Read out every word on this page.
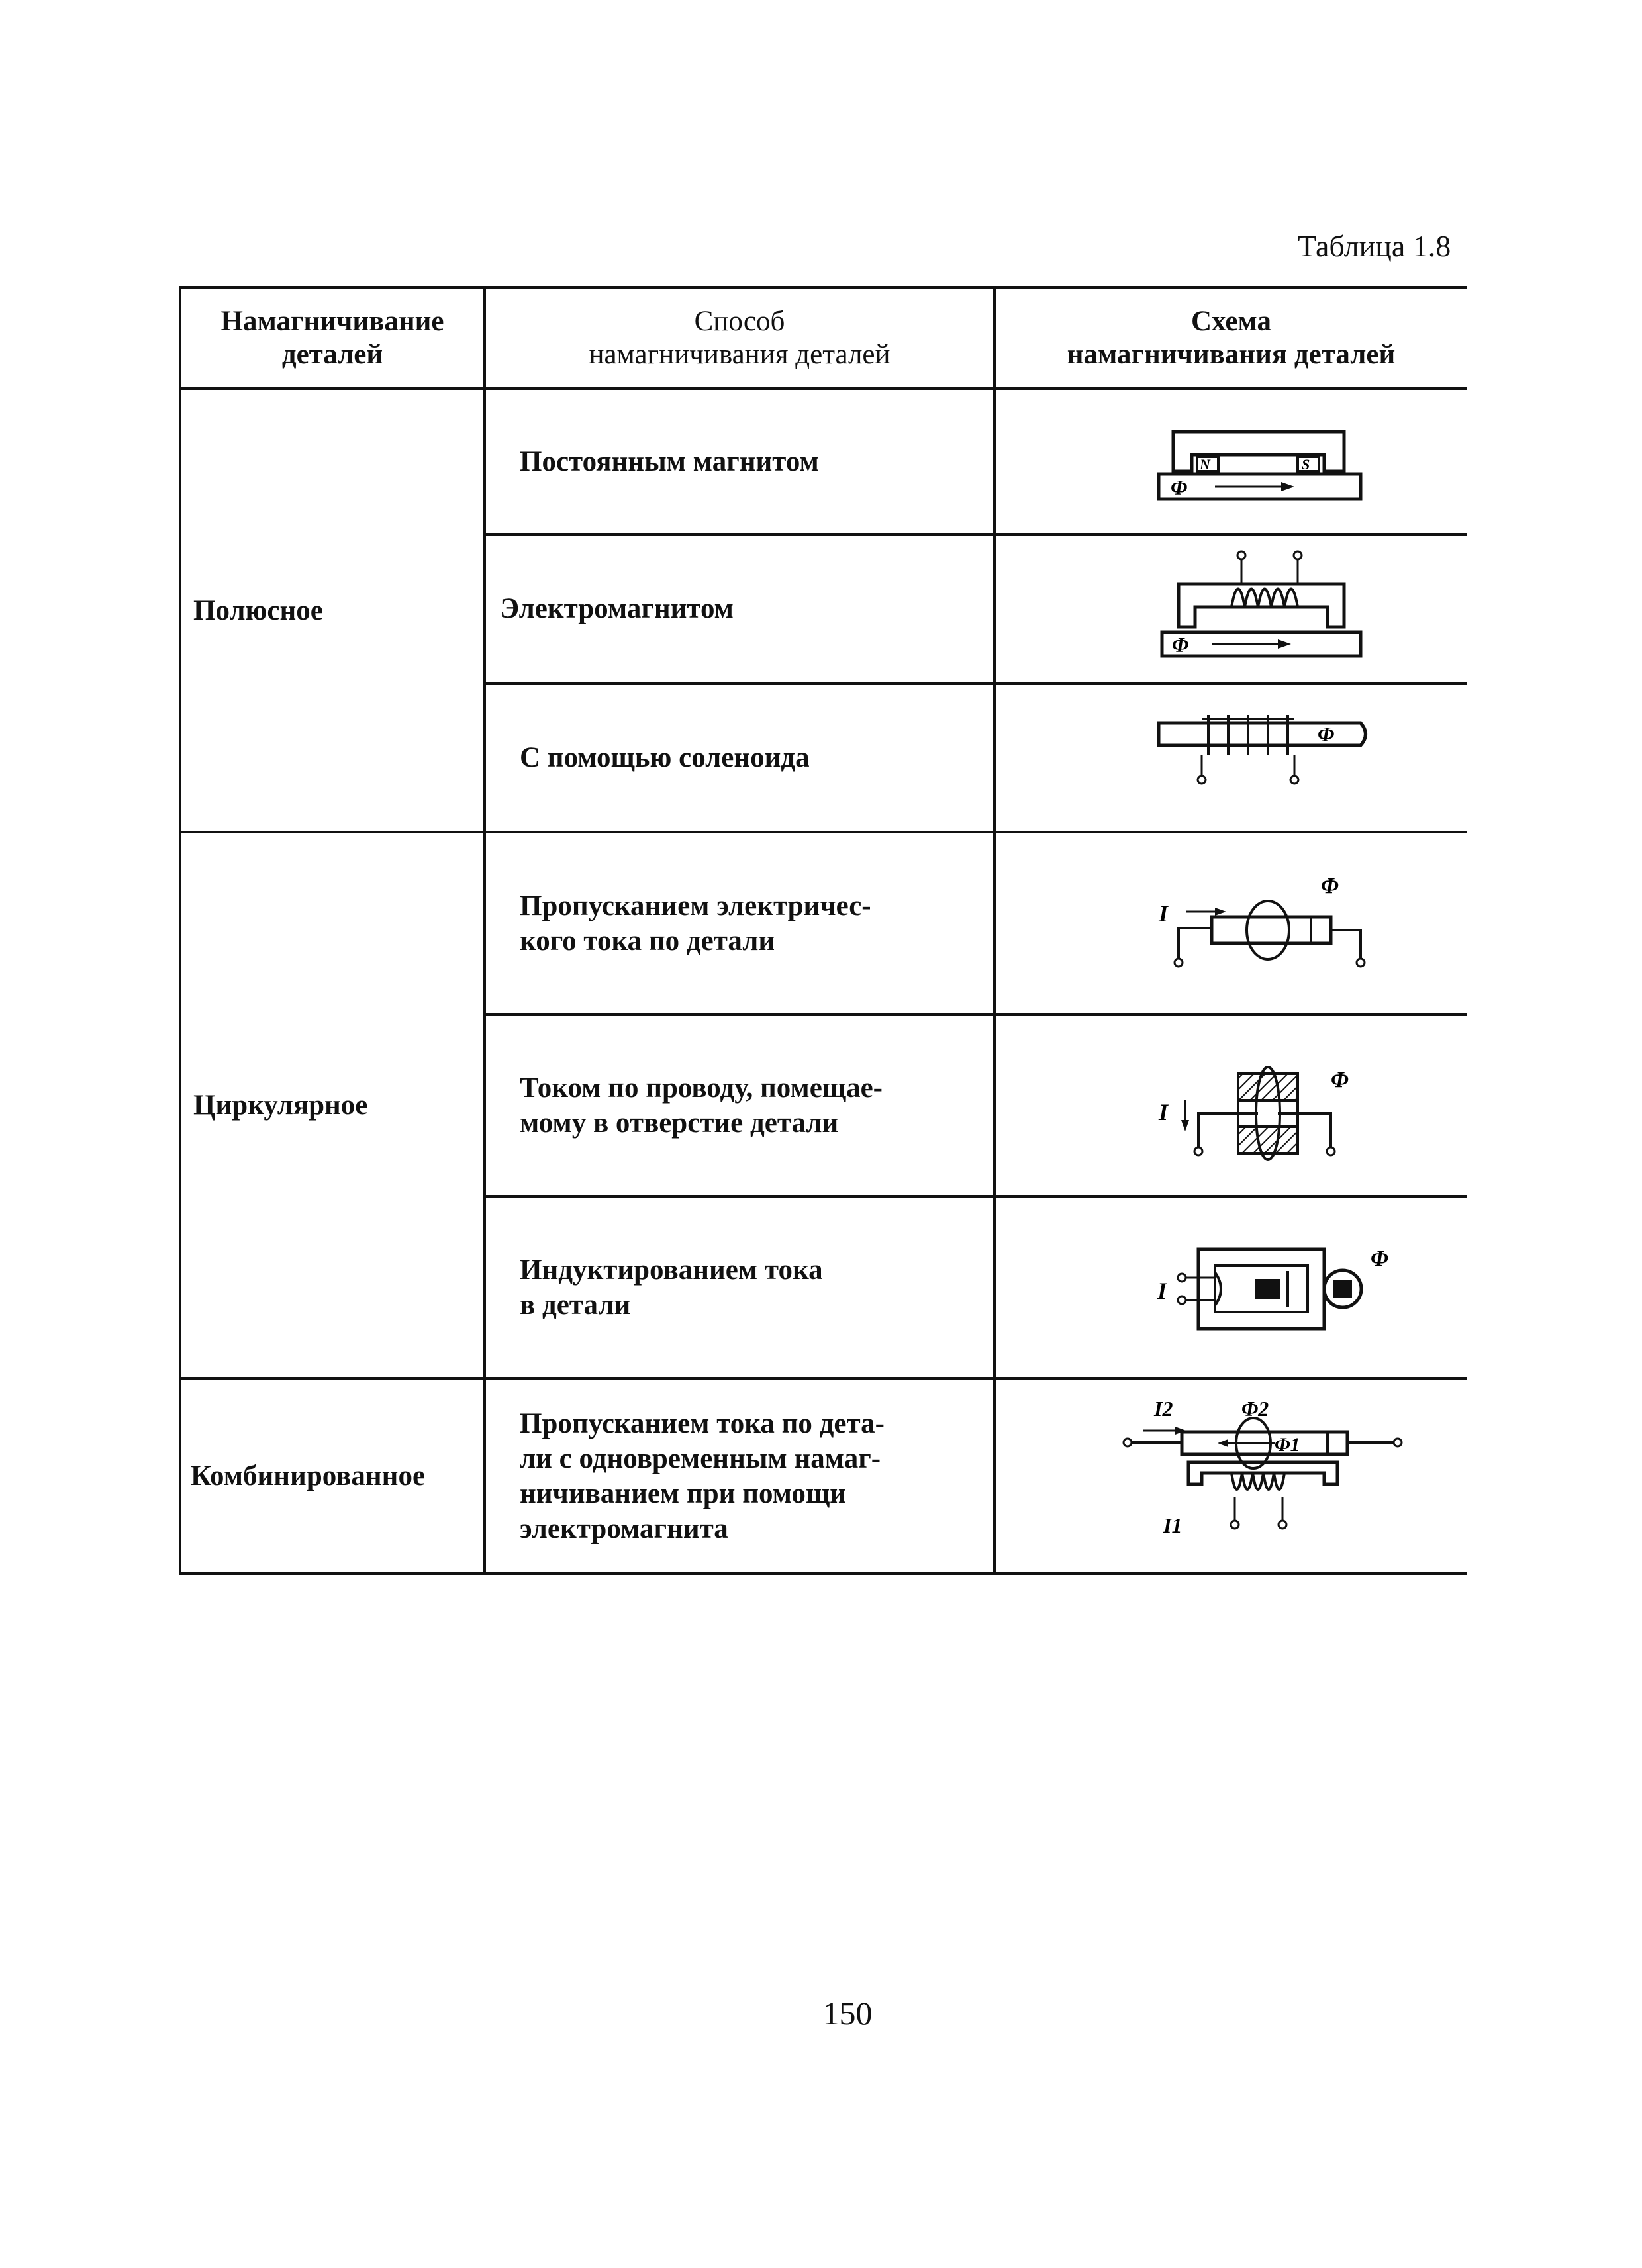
Таблица 1.8
Намагничивание
деталей
Способ
намагничивания деталей
Схема
намагничивания деталей
Полюсное
Циркулярное
Комбинированное
Постоянным магнитом
Электромагнитом
С помощью соленоида
Пропусканием электричес-
кого тока по детали
Током по проводу, помещае-
мому в отверстие детали
Индуктированием тока
в детали
Пропусканием тока по дета-
ли с одновременным намаг-
ничиванием при помощи
электромагнита
N	S
Φ
Φ
Φ
I
Φ
I
Φ
I
Φ
I2	Φ2
Φ1
I1
150
